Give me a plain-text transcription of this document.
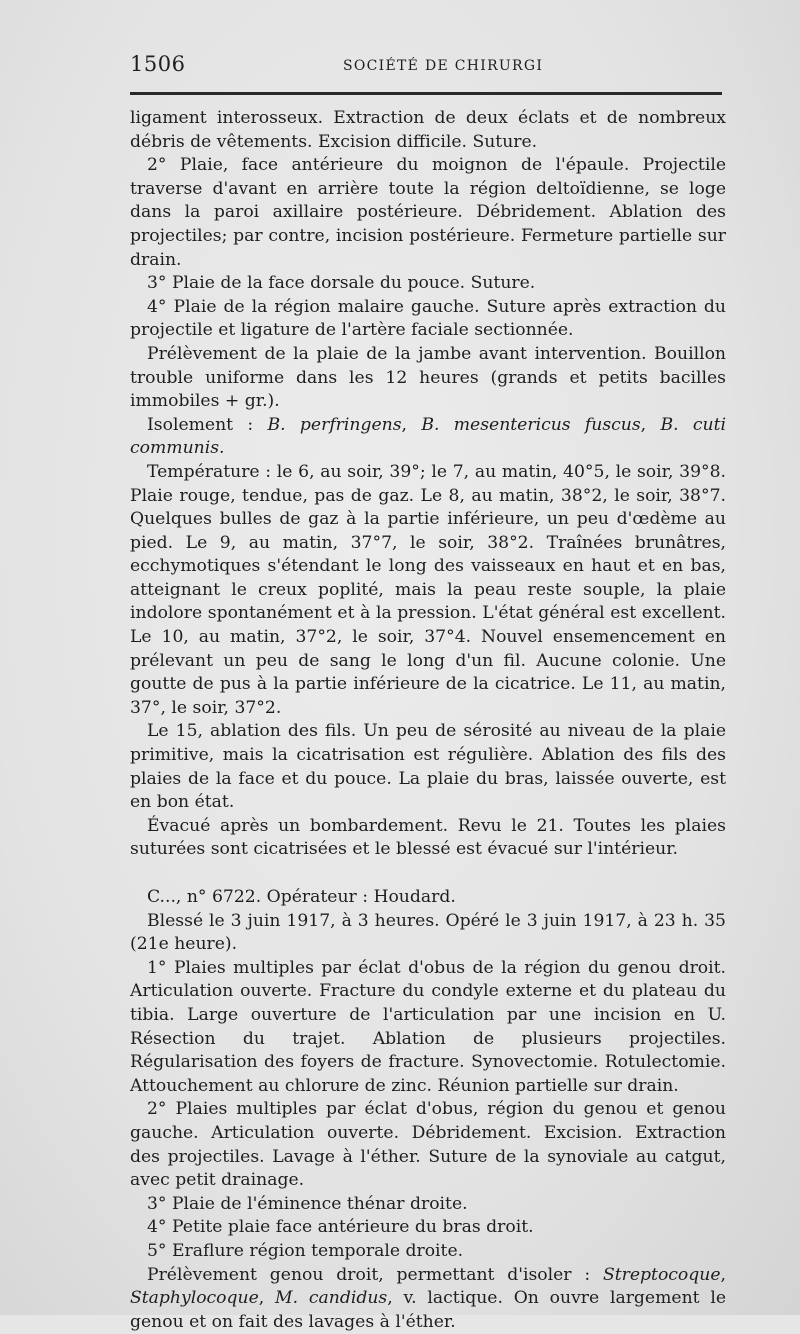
1506	SOCIÉTÉ DE CHIRURGI

ligament interosseux. Extraction de deux éclats et de nombreux débris de vêtements. Excision difficile. Suture.

2° Plaie, face antérieure du moignon de l'épaule. Projectile traverse d'avant en arrière toute la région deltoïdienne, se loge dans la paroi axillaire postérieure. Débridement. Ablation des projectiles; par contre, incision postérieure. Fermeture partielle sur drain.

3° Plaie de la face dorsale du pouce. Suture.

4° Plaie de la région malaire gauche. Suture après extraction du projectile et ligature de l'artère faciale sectionnée.

Prélèvement de la plaie de la jambe avant intervention. Bouillon trouble uniforme dans les 12 heures (grands et petits bacilles immobiles + gr.).

Isolement : B. perfringens, B. mesentericus fuscus, B. cuti communis.

Température : le 6, au soir, 39°; le 7, au matin, 40°5, le soir, 39°8. Plaie rouge, tendue, pas de gaz. Le 8, au matin, 38°2, le soir, 38°7. Quelques bulles de gaz à la partie inférieure, un peu d'œdème au pied. Le 9, au matin, 37°7, le soir, 38°2. Traînées brunâtres, ecchymotiques s'étendant le long des vaisseaux en haut et en bas, atteignant le creux poplité, mais la peau reste souple, la plaie indolore spontanément et à la pression. L'état général est excellent. Le 10, au matin, 37°2, le soir, 37°4. Nouvel ensemencement en prélevant un peu de sang le long d'un fil. Aucune colonie. Une goutte de pus à la partie inférieure de la cicatrice. Le 11, au matin, 37°, le soir, 37°2.

Le 15, ablation des fils. Un peu de sérosité au niveau de la plaie primitive, mais la cicatrisation est régulière. Ablation des fils des plaies de la face et du pouce. La plaie du bras, laissée ouverte, est en bon état.

Évacué après un bombardement. Revu le 21. Toutes les plaies suturées sont cicatrisées et le blessé est évacué sur l'intérieur.

C..., n° 6722. Opérateur : Houdard.

Blessé le 3 juin 1917, à 3 heures. Opéré le 3 juin 1917, à 23 h. 35 (21e heure).

1° Plaies multiples par éclat d'obus de la région du genou droit. Articulation ouverte. Fracture du condyle externe et du plateau du tibia. Large ouverture de l'articulation par une incision en U. Résection du trajet. Ablation de plusieurs projectiles. Régularisation des foyers de fracture. Synovectomie. Rotulectomie. Attouchement au chlorure de zinc. Réunion partielle sur drain.

2° Plaies multiples par éclat d'obus, région du genou et genou gauche. Articulation ouverte. Débridement. Excision. Extraction des projectiles. Lavage à l'éther. Suture de la synoviale au catgut, avec petit drainage.

3° Plaie de l'éminence thénar droite.

4° Petite plaie face antérieure du bras droit.

5° Eraflure région temporale droite.

Prélèvement genou droit, permettant d'isoler : Streptocoque, Staphylocoque, M. candidus, v. lactique. On ouvre largement le genou et on fait des lavages à l'éther.
